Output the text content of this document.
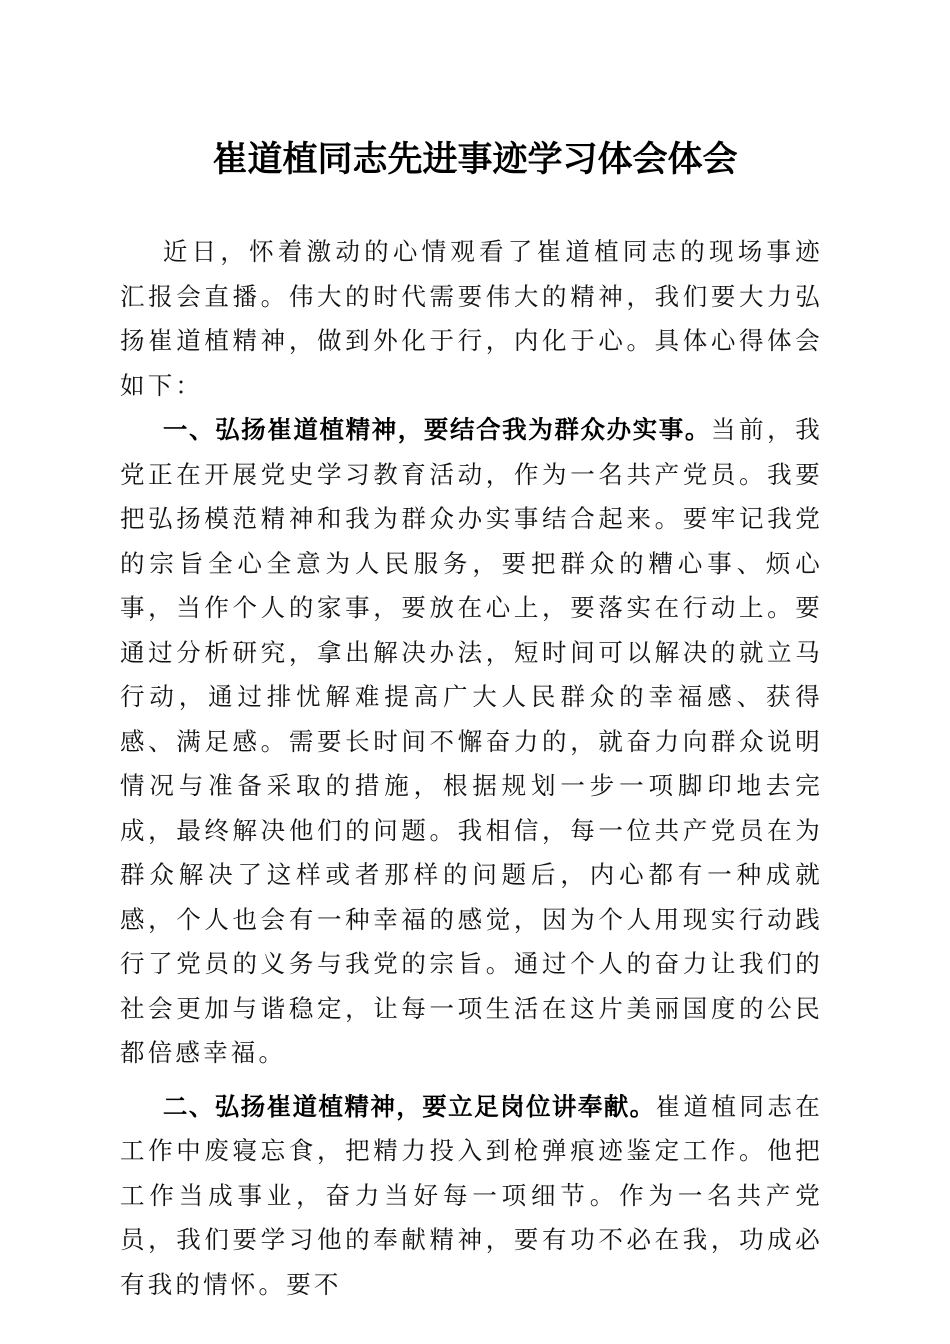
崔道植同志先进事迹学习体会体会

近日，怀着激动的心情观看了崔道植同志的现场事迹汇报会直播。伟大的时代需要伟大的精神，我们要大力弘扬崔道植精神，做到外化于行，内化于心。具体心得体会如下：

一、弘扬崔道植精神，要结合我为群众办实事。当前，我党正在开展党史学习教育活动，作为一名共产党员。我要把弘扬模范精神和我为群众办实事结合起来。要牢记我党的宗旨全心全意为人民服务，要把群众的糟心事、烦心事，当作个人的家事，要放在心上，要落实在行动上。要通过分析研究，拿出解决办法，短时间可以解决的就立马行动，通过排忧解难提高广大人民群众的幸福感、获得感、满足感。需要长时间不懈奋力的，就奋力向群众说明情况与准备采取的措施，根据规划一步一项脚印地去完成，最终解决他们的问题。我相信，每一位共产党员在为群众解决了这样或者那样的问题后，内心都有一种成就感，个人也会有一种幸福的感觉，因为个人用现实行动践行了党员的义务与我党的宗旨。通过个人的奋力让我们的社会更加与谐稳定，让每一项生活在这片美丽国度的公民都倍感幸福。

二、弘扬崔道植精神，要立足岗位讲奉献。崔道植同志在工作中废寝忘食，把精力投入到枪弹痕迹鉴定工作。他把工作当成事业，奋力当好每一项细节。作为一名共产党员，我们要学习他的奉献精神，要有功不必在我，功成必有我的情怀。要不
